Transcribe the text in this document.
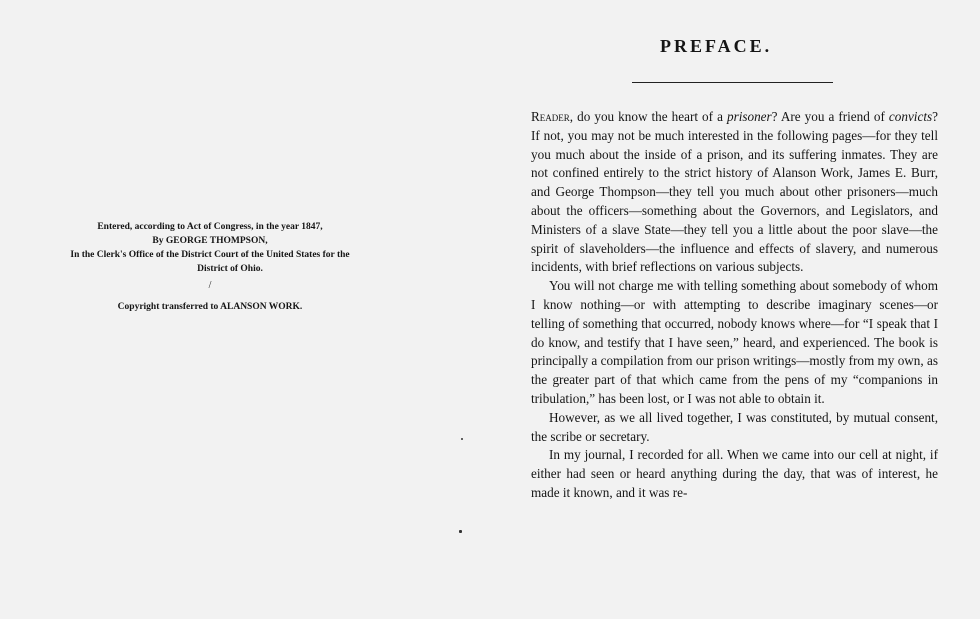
Entered, according to Act of Congress, in the year 1847,
By GEORGE THOMPSON,
In the Clerk's Office of the District Court of the United States for the
District of Ohio.
/
Copyright transferred to ALANSON WORK.
PREFACE.

Reader, do you know the heart of a prisoner? Are you a friend of convicts? If not, you may not be much interested in the following pages—for they tell you much about the inside of a prison, and its suffering inmates. They are not confined entirely to the strict history of Alanson Work, James E. Burr, and George Thompson—they tell you much about other prisoners—much about the officers—something about the Governors, and Legislators, and Ministers of a slave State—they tell you a little about the poor slave—the spirit of slaveholders—the influence and effects of slavery, and numerous incidents, with brief reflections on various subjects.

You will not charge me with telling something about somebody of whom I know nothing—or with attempting to describe imaginary scenes—or telling of something that occurred, nobody knows where—for “I speak that I do know, and testify that I have seen,” heard, and experienced. The book is principally a compilation from our prison writings—mostly from my own, as the greater part of that which came from the pens of my “companions in tribulation,” has been lost, or I was not able to obtain it.

However, as we all lived together, I was constituted, by mutual consent, the scribe or secretary.

In my journal, I recorded for all. When we came into our cell at night, if either had seen or heard anything during the day, that was of interest, he made it known, and it was re-
